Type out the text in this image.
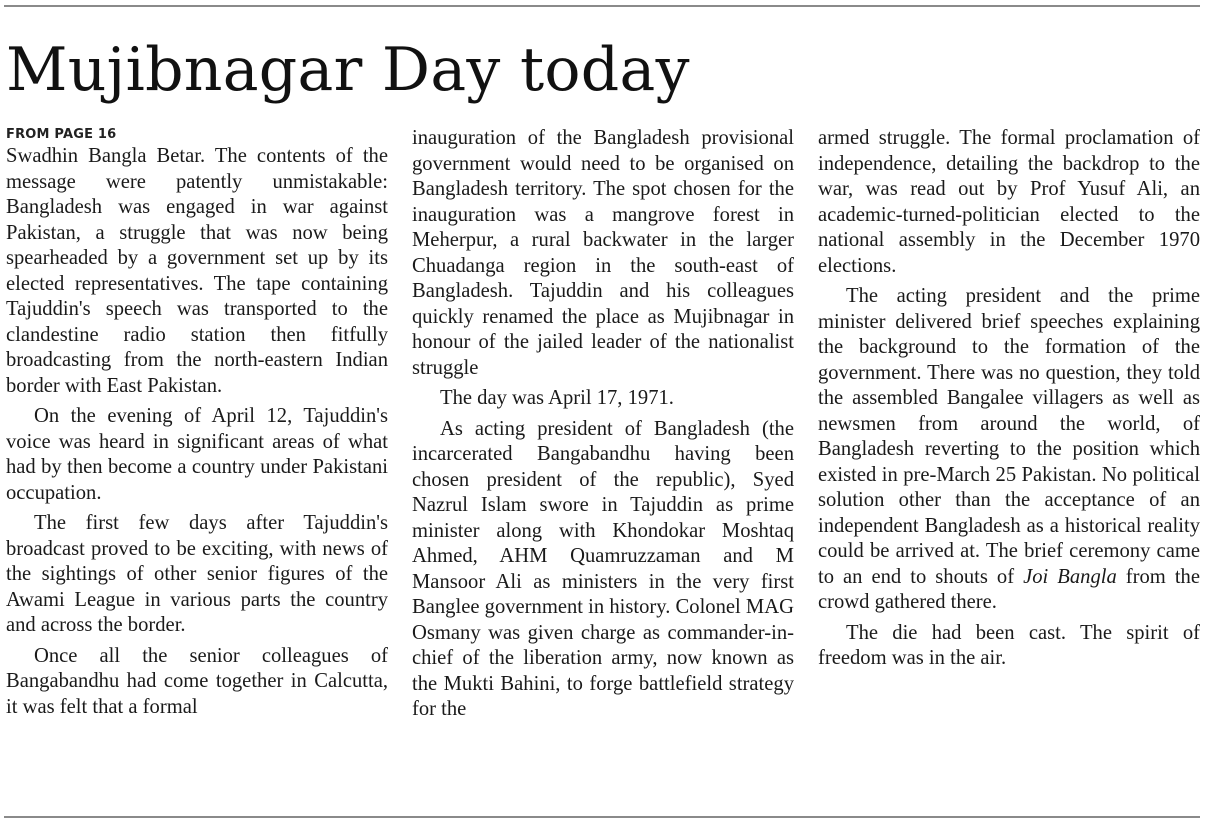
Mujibnagar Day today
FROM PAGE 16

Swadhin Bangla Betar. The contents of the message were patently unmistakable: Bangladesh was engaged in war against Pakistan, a struggle that was now being spearheaded by a government set up by its elected representatives. The tape containing Tajuddin's speech was transported to the clandestine radio station then fitfully broadcasting from the north-eastern Indian border with East Pakistan.

On the evening of April 12, Tajuddin's voice was heard in significant areas of what had by then become a country under Pakistani occupation.

The first few days after Tajuddin's broadcast proved to be exciting, with news of the sightings of other senior figures of the Awami League in various parts the country and across the border.

Once all the senior colleagues of Bangabandhu had come together in Calcutta, it was felt that a formal

inauguration of the Bangladesh provisional government would need to be organised on Bangladesh territory. The spot chosen for the inauguration was a mangrove forest in Meherpur, a rural backwater in the larger Chuadanga region in the south-east of Bangladesh. Tajuddin and his colleagues quickly renamed the place as Mujibnagar in honour of the jailed leader of the nationalist struggle

The day was April 17, 1971.

As acting president of Bangladesh (the incarcerated Bangabandhu having been chosen president of the republic), Syed Nazrul Islam swore in Tajuddin as prime minister along with Khondokar Moshtaq Ahmed, AHM Quamruzzaman and M Mansoor Ali as ministers in the very first Banglee government in history. Colonel MAG Osmany was given charge as commander-in-chief of the liberation army, now known as the Mukti Bahini, to forge battlefield strategy for the

armed struggle. The formal proclamation of independence, detailing the backdrop to the war, was read out by Prof Yusuf Ali, an academic-turned-politician elected to the national assembly in the December 1970 elections.

The acting president and the prime minister delivered brief speeches explaining the background to the formation of the government. There was no question, they told the assembled Bangalee villagers as well as newsmen from around the world, of Bangladesh reverting to the position which existed in pre-March 25 Pakistan. No political solution other than the acceptance of an independent Bangladesh as a historical reality could be arrived at. The brief ceremony came to an end to shouts of Joi Bangla from the crowd gathered there.

The die had been cast. The spirit of freedom was in the air.
